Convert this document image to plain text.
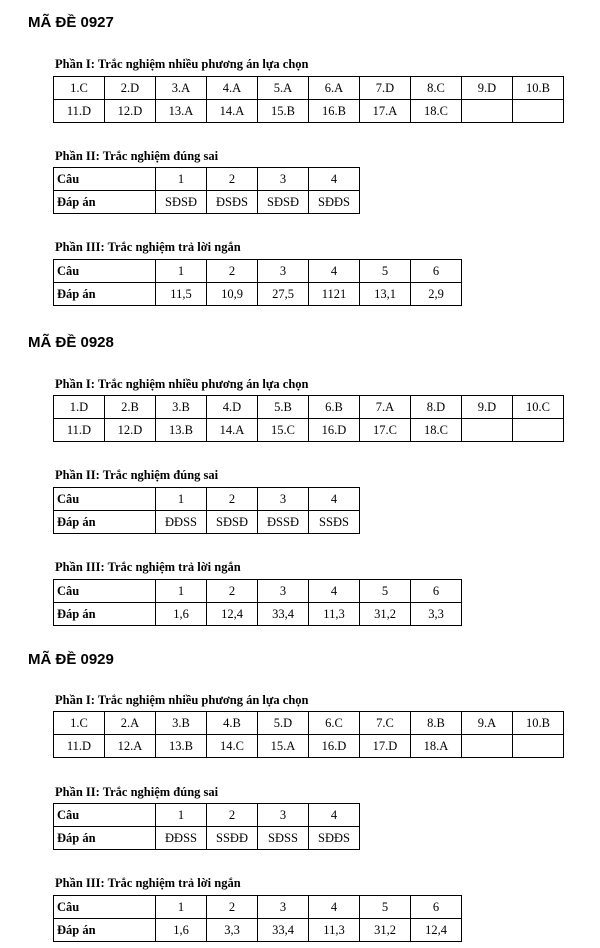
MÃ ĐỀ 0927
Phần I: Trắc nghiệm nhiều phương án lựa chọn
1.C	2.D	3.A	4.A	5.A	6.A	7.D	8.C	9.D	10.B
11.D	12.D	13.A	14.A	15.B	16.B	17.A	18.C		
Phần II: Trắc nghiệm đúng sai
Câu	1	2	3	4
Đáp án	SĐSĐ	ĐSĐS	SĐSĐ	SĐĐS
Phần III: Trắc nghiệm trả lời ngắn
Câu	1	2	3	4	5	6
Đáp án	11,5	10,9	27,5	1121	13,1	2,9
MÃ ĐỀ 0928
Phần I: Trắc nghiệm nhiều phương án lựa chọn
1.D	2.B	3.B	4.D	5.B	6.B	7.A	8.D	9.D	10.C
11.D	12.D	13.B	14.A	15.C	16.D	17.C	18.C		
Phần II: Trắc nghiệm đúng sai
Câu	1	2	3	4
Đáp án	ĐĐSS	SĐSĐ	ĐSSĐ	SSĐS
Phần III: Trắc nghiệm trả lời ngắn
Câu	1	2	3	4	5	6
Đáp án	1,6	12,4	33,4	11,3	31,2	3,3
MÃ ĐỀ 0929
Phần I: Trắc nghiệm nhiều phương án lựa chọn
1.C	2.A	3.B	4.B	5.D	6.C	7.C	8.B	9.A	10.B
11.D	12.A	13.B	14.C	15.A	16.D	17.D	18.A		
Phần II: Trắc nghiệm đúng sai
Câu	1	2	3	4
Đáp án	ĐĐSS	SSĐĐ	SĐSS	SĐĐS
Phần III: Trắc nghiệm trả lời ngắn
Câu	1	2	3	4	5	6
Đáp án	1,6	3,3	33,4	11,3	31,2	12,4
